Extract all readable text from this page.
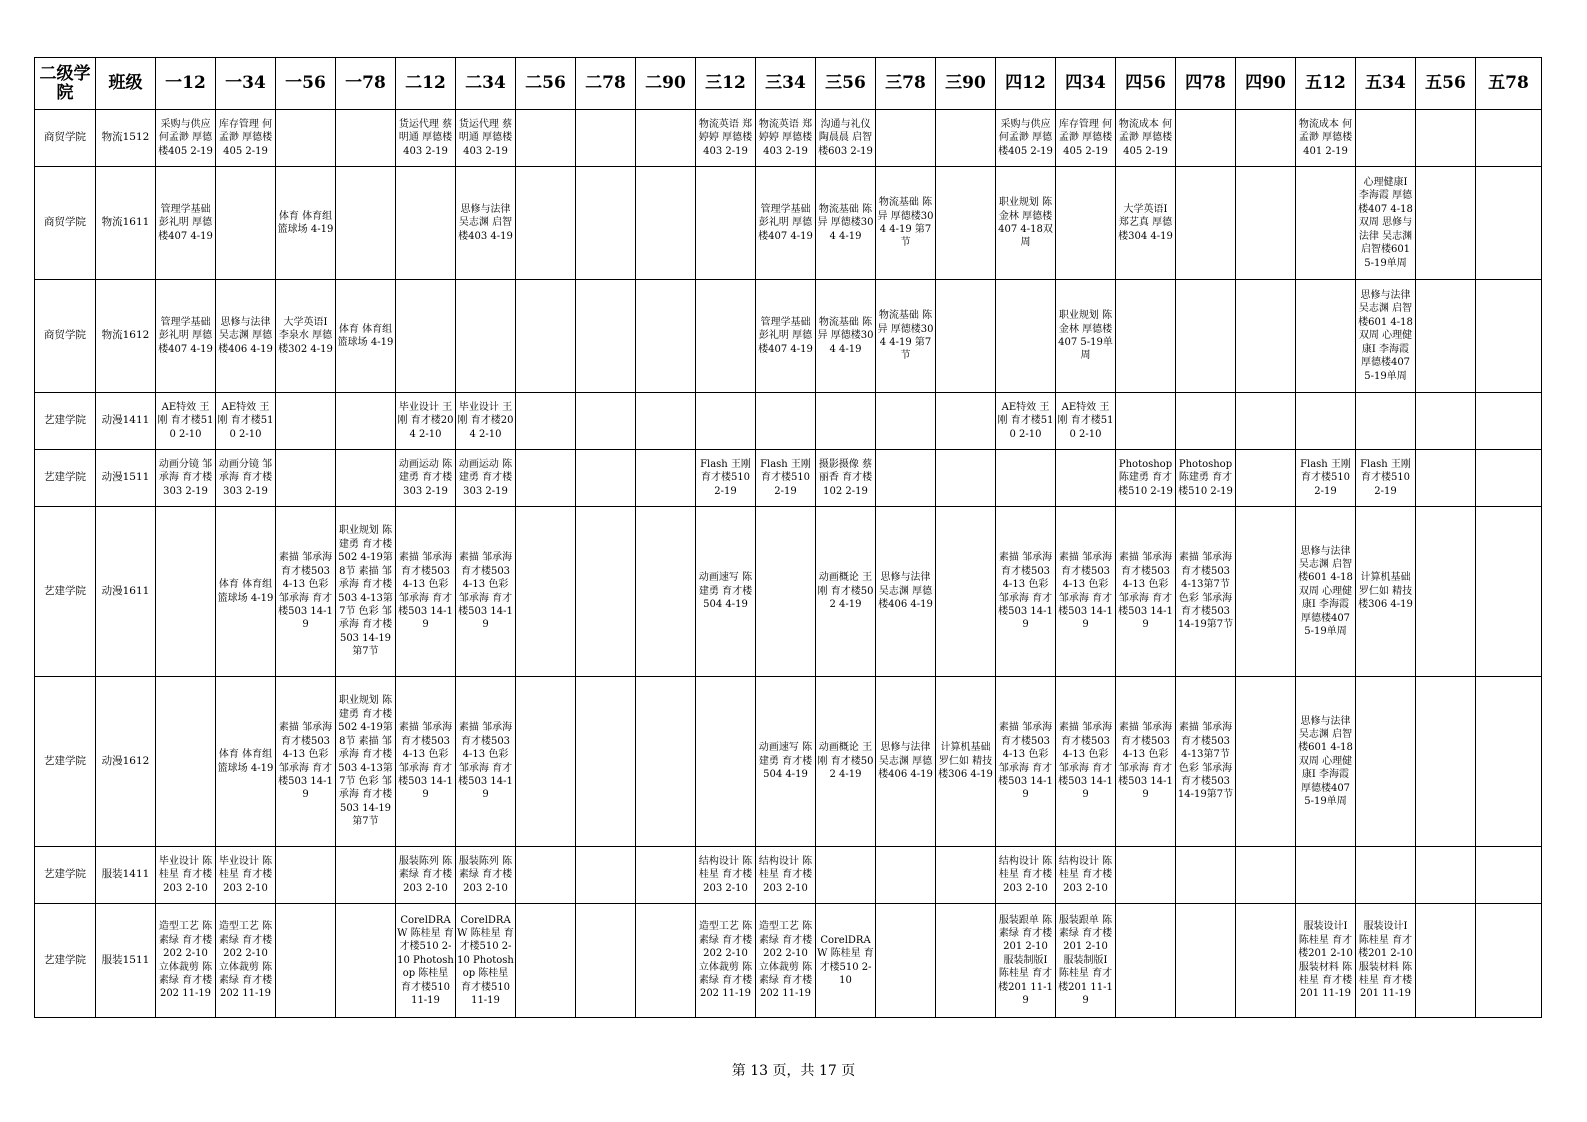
二级学院	班级	一12	一34	一56	一78	二12	二34	二56	二78	二90	三12	三34	三56	三78	三90	四12	四34	四56	四78	四90	五12	五34	五56	五78
商贸学院	物流1512	采购与供应 何孟渺 厚德楼405 2-19	库存管理 何孟渺 厚德楼405 2-19			货运代理 蔡明通 厚德楼403 2-19	货运代理 蔡明通 厚德楼403 2-19				物流英语 郑婷婷 厚德楼403 2-19	物流英语 郑婷婷 厚德楼403 2-19	沟通与礼仪 陶晨晨 启智楼603 2-19			采购与供应 何孟渺 厚德楼405 2-19	库存管理 何孟渺 厚德楼405 2-19	物流成本 何孟渺 厚德楼405 2-19			物流成本 何孟渺 厚德楼401 2-19			
商贸学院	物流1611	管理学基础 彭礼明 厚德楼407 4-19		体育 体育组 篮球场 4-19			思修与法律 吴志渊 启智楼403 4-19					管理学基础 彭礼明 厚德楼407 4-19	物流基础 陈异 厚德楼304 4-19	物流基础 陈异 厚德楼304 4-19 第7节		职业规划 陈金林 厚德楼407 4-18双周		大学英语Ⅰ 郑艺真 厚德楼304 4-19				心理健康Ⅰ 李海霞 厚德楼407 4-18双周 思修与法律 吴志渊 启智楼601 5-19单周		
商贸学院	物流1612	管理学基础 彭礼明 厚德楼407 4-19	思修与法律 吴志渊 厚德楼406 4-19	大学英语Ⅰ 李泉水 厚德楼302 4-19	体育 体育组 篮球场 4-19							管理学基础 彭礼明 厚德楼407 4-19	物流基础 陈异 厚德楼304 4-19	物流基础 陈异 厚德楼304 4-19 第7节			职业规划 陈金林 厚德楼407 5-19单周					思修与法律 吴志渊 启智楼601 4-18双周 心理健康Ⅰ 李海霞 厚德楼407 5-19单周		
艺建学院	动漫1411	AE特效 王刚 育才楼510 2-10	AE特效 王刚 育才楼510 2-10			毕业设计 王刚 育才楼204 2-10	毕业设计 王刚 育才楼204 2-10									AE特效 王刚 育才楼510 2-10	AE特效 王刚 育才楼510 2-10							
艺建学院	动漫1511	动画分镜 邹承海 育才楼303 2-19	动画分镜 邹承海 育才楼303 2-19			动画运动 陈建勇 育才楼303 2-19	动画运动 陈建勇 育才楼303 2-19				Flash 王刚 育才楼510 2-19	Flash 王刚 育才楼510 2-19	摄影摄像 蔡丽香 育才楼102 2-19					Photoshop 陈建勇 育才楼510 2-19	Photoshop 陈建勇 育才楼510 2-19		Flash 王刚 育才楼510 2-19	Flash 王刚 育才楼510 2-19		
艺建学院	动漫1611		体育 体育组 篮球场 4-19	素描 邹承海 育才楼503 4-13 色彩 邹承海 育才楼503 14-19	职业规划 陈建勇 育才楼502 4-19第8节 素描 邹承海 育才楼503 4-13第7节 色彩 邹承海 育才楼503 14-19 第7节	素描 邹承海 育才楼503 4-13 色彩 邹承海 育才楼503 14-19	素描 邹承海 育才楼503 4-13 色彩 邹承海 育才楼503 14-19				动画速写 陈建勇 育才楼504 4-19		动画概论 王刚 育才楼502 4-19	思修与法律 吴志渊 厚德楼406 4-19		素描 邹承海 育才楼503 4-13 色彩 邹承海 育才楼503 14-19	素描 邹承海 育才楼503 4-13 色彩 邹承海 育才楼503 14-19	素描 邹承海 育才楼503 4-13 色彩 邹承海 育才楼503 14-19	素描 邹承海 育才楼503 4-13第7节 色彩 邹承海 育才楼503 14-19第7节		思修与法律 吴志渊 启智楼601 4-18双周 心理健康Ⅰ 李海霞 厚德楼407 5-19单周	计算机基础 罗仁如 精技楼306 4-19		
艺建学院	动漫1612		体育 体育组 篮球场 4-19	素描 邹承海 育才楼503 4-13 色彩 邹承海 育才楼503 14-19	职业规划 陈建勇 育才楼502 4-19第8节 素描 邹承海 育才楼503 4-13第7节 色彩 邹承海 育才楼503 14-19 第7节	素描 邹承海 育才楼503 4-13 色彩 邹承海 育才楼503 14-19	素描 邹承海 育才楼503 4-13 色彩 邹承海 育才楼503 14-19					动画速写 陈建勇 育才楼504 4-19	动画概论 王刚 育才楼502 4-19	思修与法律 吴志渊 厚德楼406 4-19	计算机基础 罗仁如 精技楼306 4-19	素描 邹承海 育才楼503 4-13 色彩 邹承海 育才楼503 14-19	素描 邹承海 育才楼503 4-13 色彩 邹承海 育才楼503 14-19	素描 邹承海 育才楼503 4-13 色彩 邹承海 育才楼503 14-19	素描 邹承海 育才楼503 4-13第7节 色彩 邹承海 育才楼503 14-19第7节		思修与法律 吴志渊 启智楼601 4-18双周 心理健康Ⅰ 李海霞 厚德楼407 5-19单周			
艺建学院	服装1411	毕业设计 陈桂星 育才楼203 2-10	毕业设计 陈桂星 育才楼203 2-10			服装陈列 陈素绿 育才楼203 2-10	服装陈列 陈素绿 育才楼203 2-10				结构设计 陈桂星 育才楼203 2-10	结构设计 陈桂星 育才楼203 2-10				结构设计 陈桂星 育才楼203 2-10	结构设计 陈桂星 育才楼203 2-10							
艺建学院	服装1511	造型工艺 陈素绿 育才楼202 2-10 立体裁剪 陈素绿 育才楼202 11-19	造型工艺 陈素绿 育才楼202 2-10 立体裁剪 陈素绿 育才楼202 11-19			CorelDRAW 陈桂星 育才楼510 2-10 Photoshop 陈桂星 育才楼510 11-19	CorelDRAW 陈桂星 育才楼510 2-10 Photoshop 陈桂星 育才楼510 11-19				造型工艺 陈素绿 育才楼202 2-10 立体裁剪 陈素绿 育才楼202 11-19	造型工艺 陈素绿 育才楼202 2-10 立体裁剪 陈素绿 育才楼202 11-19	CorelDRAW 陈桂星 育才楼510 2-10			服装跟单 陈素绿 育才楼201 2-10 服装制版Ⅰ 陈桂星 育才楼201 11-19	服装跟单 陈素绿 育才楼201 2-10 服装制版Ⅰ 陈桂星 育才楼201 11-19				服装设计Ⅰ 陈桂星 育才楼201 2-10 服装材料 陈桂星 育才楼201 11-19	服装设计Ⅰ 陈桂星 育才楼201 2-10 服装材料 陈桂星 育才楼201 11-19		
第 13 页，共 17 页
